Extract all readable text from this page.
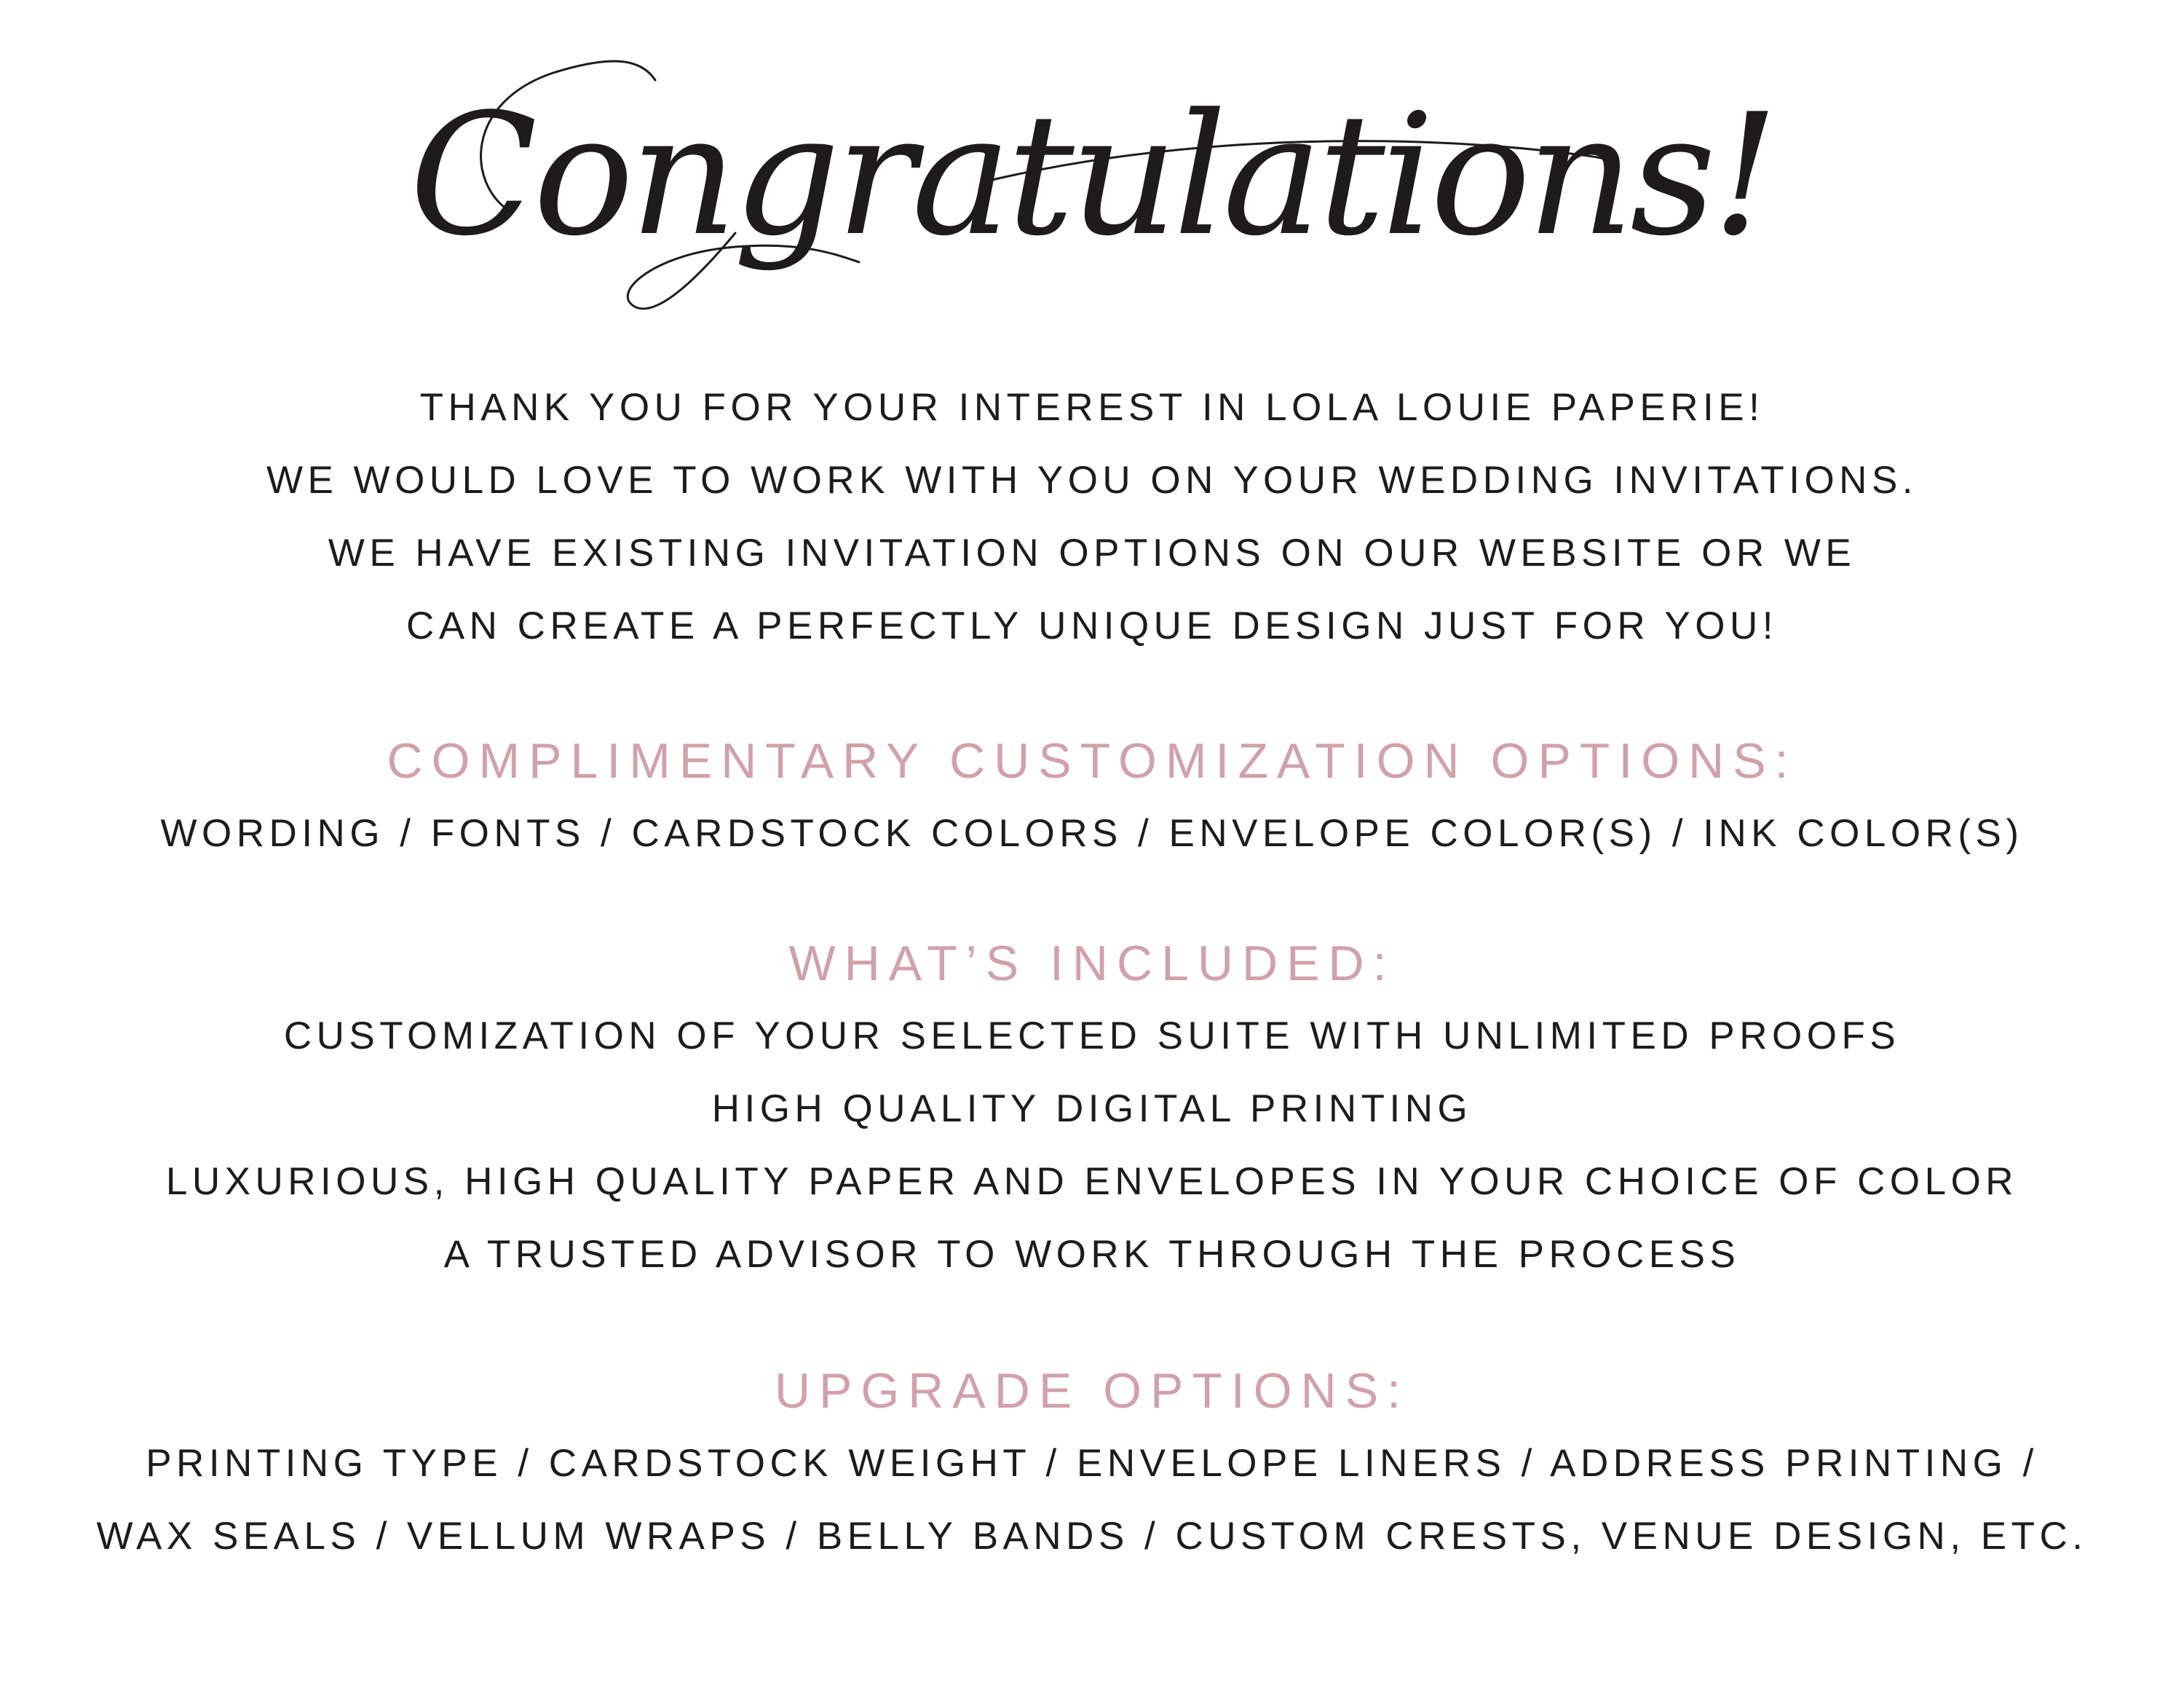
Congratulations!
THANK YOU FOR YOUR INTEREST IN LOLA LOUIE PAPERIE!
WE WOULD LOVE TO WORK WITH YOU ON YOUR WEDDING INVITATIONS.
WE HAVE EXISTING INVITATION OPTIONS ON OUR WEBSITE OR WE
CAN CREATE A PERFECTLY UNIQUE DESIGN JUST FOR YOU!
COMPLIMENTARY CUSTOMIZATION OPTIONS:
WORDING / FONTS / CARDSTOCK COLORS / ENVELOPE COLOR(S) / INK COLOR(S)
WHAT’S INCLUDED:
CUSTOMIZATION OF YOUR SELECTED SUITE WITH UNLIMITED PROOFS
HIGH QUALITY DIGITAL PRINTING
LUXURIOUS, HIGH QUALITY PAPER AND ENVELOPES IN YOUR CHOICE OF COLOR
A TRUSTED ADVISOR TO WORK THROUGH THE PROCESS
UPGRADE OPTIONS:
PRINTING TYPE / CARDSTOCK WEIGHT / ENVELOPE LINERS / ADDRESS PRINTING /
WAX SEALS / VELLUM WRAPS / BELLY BANDS / CUSTOM CRESTS, VENUE DESIGN, ETC.
